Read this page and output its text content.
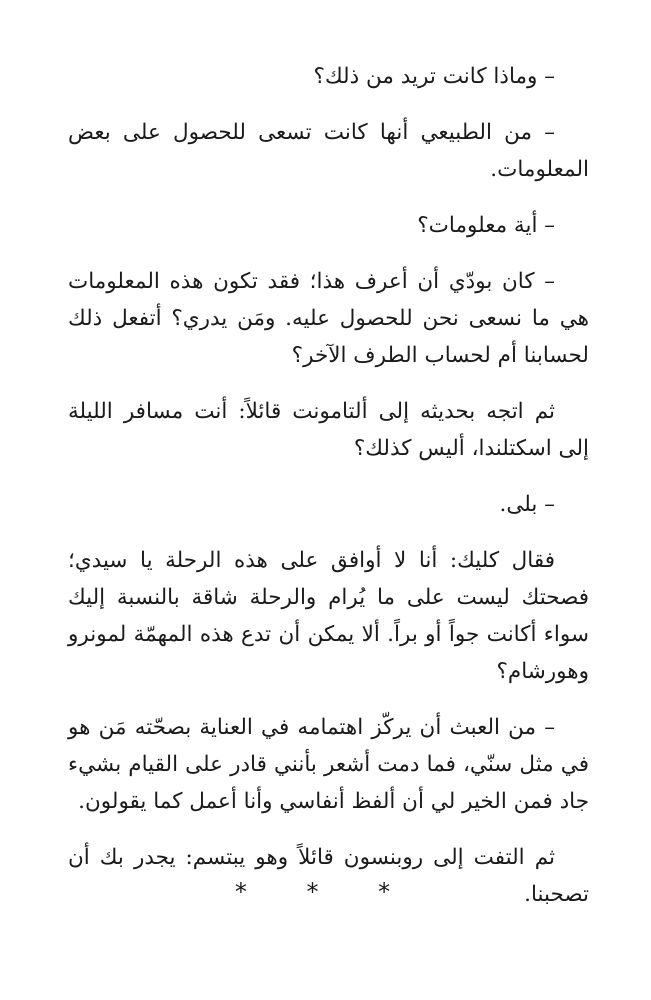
– وماذا كانت تريد من ذلك؟

– من الطبيعي أنها كانت تسعى للحصول على بعض المعلومات.

– أية معلومات؟

– كان بودّي أن أعرف هذا؛ فقد تكون هذه المعلومات هي ما نسعى نحن للحصول عليه. ومَن يدري؟ أتفعل ذلك لحسابنا أم لحساب الطرف الآخر؟

ثم اتجه بحديثه إلى ألتامونت قائلاً: أنت مسافر الليلة إلى اسكتلندا، أليس كذلك؟

– بلى.

فقال كليك: أنا لا أوافق على هذه الرحلة يا سيدي؛ فصحتك ليست على ما يُرام والرحلة شاقة بالنسبة إليك سواء أكانت جواً أو براً. ألا يمكن أن تدع هذه المهمّة لمونرو وهورشام؟

– من العبث أن يركّز اهتمامه في العناية بصحّته مَن هو في مثل سنّي، فما دمت أشعر بأنني قادر على القيام بشيء جاد فمن الخير لي أن ألفظ أنفاسي وأنا أعمل كما يقولون.

ثم التفت إلى روبنسون قائلاً وهو يبتسم: يجدر بك أن تصحبنا.

* * *
